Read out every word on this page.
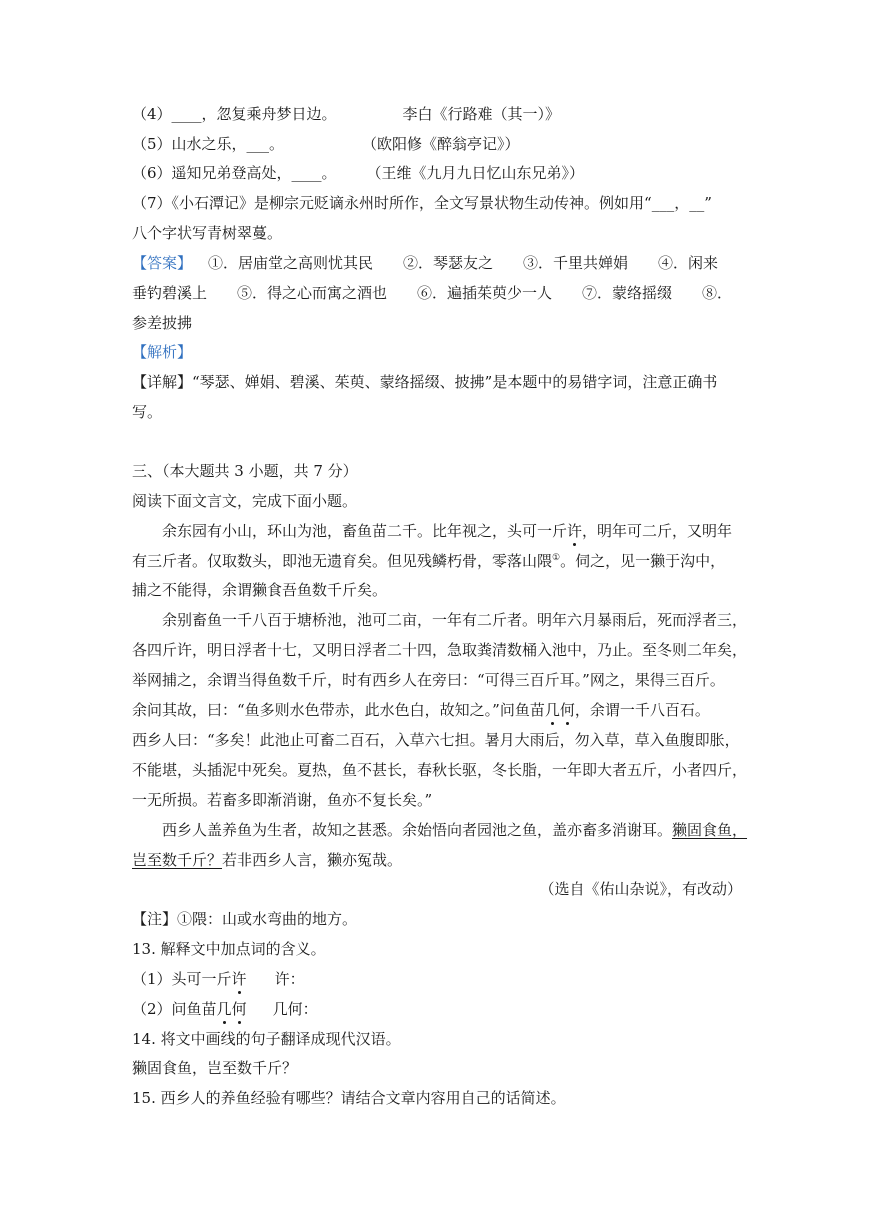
（4）____，忽复乘舟梦日边。	李白《行路难（其一）》

（5）山水之乐，___。	（欧阳修《醉翁亭记》）

（6）遥知兄弟登高处，____。 （王维《九月九日忆山东兄弟》）

（7）《小石潭记》是柳宗元贬谪永州时所作，全文写景状物生动传神。例如用“___，__”

八个字状写青树翠蔓。

【答案】 ①．居庙堂之高则忧其民　　②．琴瑟友之　　③．千里共婵娟　　④．闲来

垂钓碧溪上　　⑤．得之心而寓之酒也　　⑥．遍插茱萸少一人　　⑦．蒙络摇缀　　⑧．

参差披拂

【解析】

【详解】“琴瑟、婵娟、碧溪、茱萸、蒙络摇缀、披拂”是本题中的易错字词，注意正确书

写。

三、（本大题共 3 小题，共 7 分）

阅读下面文言文，完成下面小题。

余东园有小山，环山为池，畜鱼苗二千。比年视之，头可一斤许，明年可二斤，又明年

有三斤者。仅取数头，即池无遗育矣。但见残鳞朽骨，零落山隈①。伺之，见一獭于沟中，

捕之不能得，余谓獭食吾鱼数千斤矣。

余别畜鱼一千八百于塘桥池，池可二亩，一年有二斤者。明年六月暴雨后，死而浮者三，

各四斤许，明日浮者十七，又明日浮者二十四，急取粪清数桶入池中，乃止。至冬则二年矣，

举网捕之，余谓当得鱼数千斤，时有西乡人在旁曰：“可得三百斤耳。”网之，果得三百斤。

余问其故，曰：“鱼多则水色带赤，此水色白，故知之。”问鱼苗几何，余谓一千八百石。

西乡人曰：“多矣！此池止可畜二百石，入草六七担。暑月大雨后，勿入草，草入鱼腹即胀，

不能堪，头插泥中死矣。夏热，鱼不甚长，春秋长驱，冬长脂，一年即大者五斤，小者四斤，

一无所损。若畜多即渐消谢，鱼亦不复长矣。”

西乡人盖养鱼为生者，故知之甚悉。余始悟向者园池之鱼，盖亦畜多消谢耳。獭固食鱼，

岂至数千斤？若非西乡人言，獭亦冤哉。

（选自《佑山杂说》，有改动）

【注】①隈：山或水弯曲的地方。

13. 解释文中加点词的含义。

（1）头可一斤许 许：

（2）问鱼苗几何 几何：

14. 将文中画线的句子翻译成现代汉语。

獭固食鱼，岂至数千斤？

15. 西乡人的养鱼经验有哪些？请结合文章内容用自己的话简述。
